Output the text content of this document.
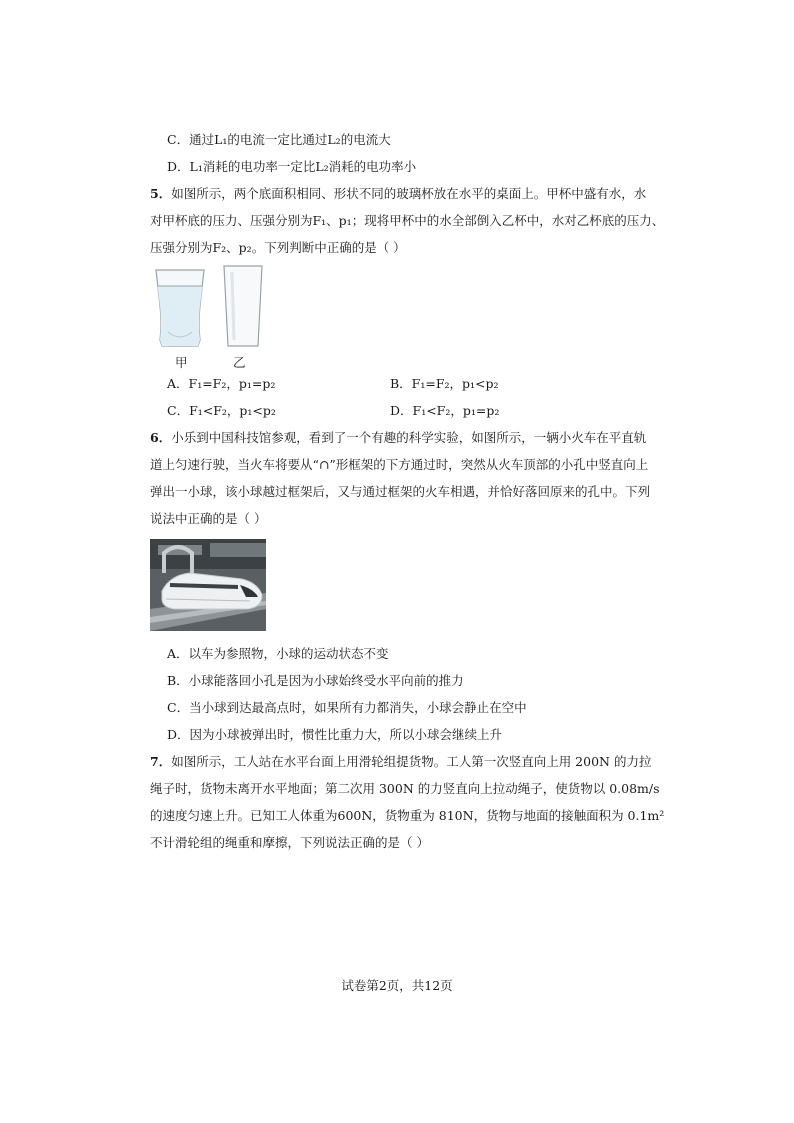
C．通过L₁的电流一定比通过L₂的电流大
D．L₁消耗的电功率一定比L₂消耗的电功率小
5．如图所示，两个底面积相同、形状不同的玻璃杯放在水平的桌面上。甲杯中盛有水，水
对甲杯底的压力、压强分别为F₁、p₁；现将甲杯中的水全部倒入乙杯中，水对乙杯底的压力、
压强分别为F₂、p₂。下列判断中正确的是（ ）
甲	乙
A．F₁=F₂，p₁=p₂	B．F₁=F₂，p₁<p₂
C．F₁<F₂，p₁<p₂	D．F₁<F₂，p₁=p₂
6．小乐到中国科技馆参观，看到了一个有趣的科学实验，如图所示，一辆小火车在平直轨
道上匀速行驶，当火车将要从“∩”形框架的下方通过时，突然从火车顶部的小孔中竖直向上
弹出一小球，该小球越过框架后，又与通过框架的火车相遇，并恰好落回原来的孔中。下列
说法中正确的是（ ）
A．以车为参照物，小球的运动状态不变
B．小球能落回小孔是因为小球始终受水平向前的推力
C．当小球到达最高点时，如果所有力都消失，小球会静止在空中
D．因为小球被弹出时，惯性比重力大，所以小球会继续上升
7．如图所示，工人站在水平台面上用滑轮组提货物。工人第一次竖直向上用 200N 的力拉
绳子时，货物未离开水平地面；第二次用 300N 的力竖直向上拉动绳子，使货物以 0.08m/s
的速度匀速上升。已知工人体重为600N，货物重为 810N，货物与地面的接触面积为 0.1m²
不计滑轮组的绳重和摩擦，下列说法正确的是（ ）
试卷第2页，共12页
